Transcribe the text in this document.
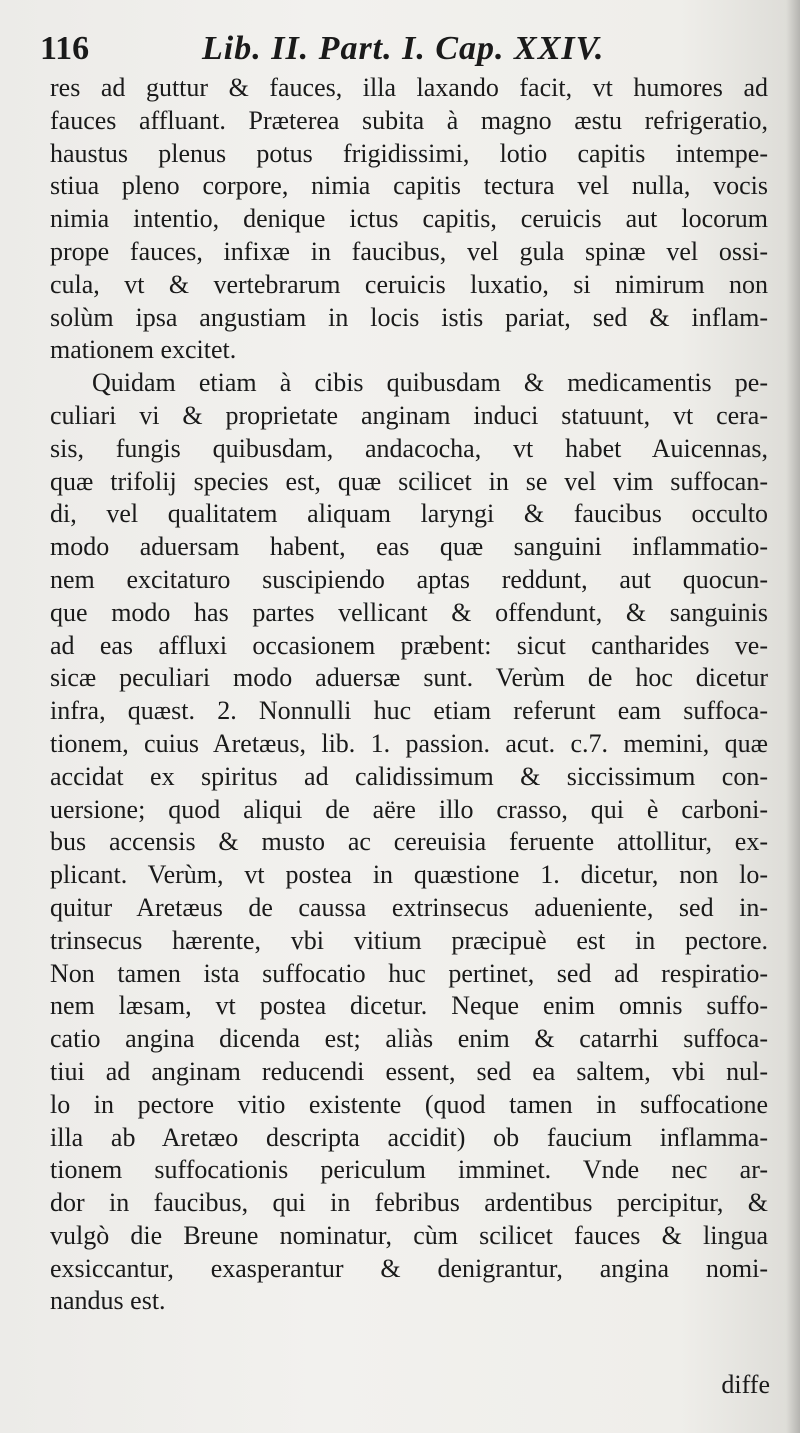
116	Lib. II. Part. I. Cap. XXIV.
res ad guttur & fauces, illa laxando facit, vt humores ad
fauces affluant. Præterea subita à magno æstu refrigeratio,
haustus plenus potus frigidissimi, lotio capitis intempe-
stiua pleno corpore, nimia capitis tectura vel nulla, vocis
nimia intentio, denique ictus capitis, ceruicis aut locorum
prope fauces, infixæ in faucibus, vel gula spinæ vel ossi-
cula, vt & vertebrarum ceruicis luxatio, si nimirum non
solùm ipsa angustiam in locis istis pariat, sed & inflam-
mationem excitet.
Quidam etiam à cibis quibusdam & medicamentis pe-
culiari vi & proprietate anginam induci statuunt, vt cera-
sis, fungis quibusdam, andacocha, vt habet Auicennas,
quæ trifolij species est, quæ scilicet in se vel vim suffocan-
di, vel qualitatem aliquam laryngi & faucibus occulto
modo aduersam habent, eas quæ sanguini inflammatio-
nem excitaturo suscipiendo aptas reddunt, aut quocun-
que modo has partes vellicant & offendunt, & sanguinis
ad eas affluxi occasionem præbent: sicut cantharides ve-
sicæ peculiari modo aduersæ sunt. Verùm de hoc dicetur
infra, quæst. 2. Nonnulli huc etiam referunt eam suffoca-
tionem, cuius Aretæus, lib. 1. passion. acut. c.7. memini, quæ
accidat ex spiritus ad calidissimum & siccissimum con-
uersione; quod aliqui de aëre illo crasso, qui è carboni-
bus accensis & musto ac cereuisia feruente attollitur, ex-
plicant. Verùm, vt postea in quæstione 1. dicetur, non lo-
quitur Aretæus de caussa extrinsecus adueniente, sed in-
trinsecus hærente, vbi vitium præcipuè est in pectore.
Non tamen ista suffocatio huc pertinet, sed ad respiratio-
nem læsam, vt postea dicetur. Neque enim omnis suffo-
catio angina dicenda est; aliàs enim & catarrhi suffoca-
tiui ad anginam reducendi essent, sed ea saltem, vbi nul-
lo in pectore vitio existente (quod tamen in suffocatione
illa ab Aretæo descripta accidit) ob faucium inflamma-
tionem suffocationis periculum imminet. Vnde nec ar-
dor in faucibus, qui in febribus ardentibus percipitur, &
vulgò die Breune nominatur, cùm scilicet fauces & lingua
exsiccantur, exasperantur & denigrantur, angina nomi-
nandus est.
diffe
